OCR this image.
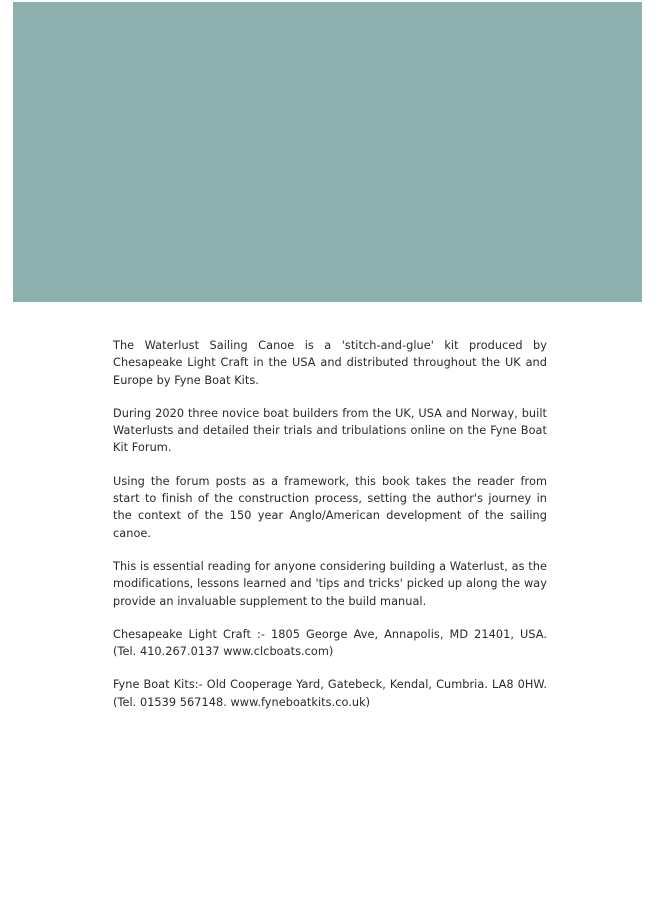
The Waterlust Sailing Canoe is a 'stitch-and-glue' kit produced by Chesapeake Light Craft in the USA and distributed throughout the UK and Europe by Fyne Boat Kits.

During 2020 three novice boat builders from the UK, USA and Norway, built Waterlusts and detailed their trials and tribulations online on the Fyne Boat Kit Forum.

Using the forum posts as a framework, this book takes the reader from start to finish of the construction process, setting the author's journey in the context of the 150 year Anglo/American development of the sailing canoe.

This is essential reading for anyone considering building a Waterlust, as the modifications, lessons learned and 'tips and tricks' picked up along the way provide an invaluable supplement to the build manual.

Chesapeake Light Craft :- 1805 George Ave, Annapolis, MD 21401, USA. (Tel. 410.267.0137 www.clcboats.com)

Fyne Boat Kits:- Old Cooperage Yard, Gatebeck, Kendal, Cumbria. LA8 0HW. (Tel. 01539 567148. www.fyneboatkits.co.uk)
